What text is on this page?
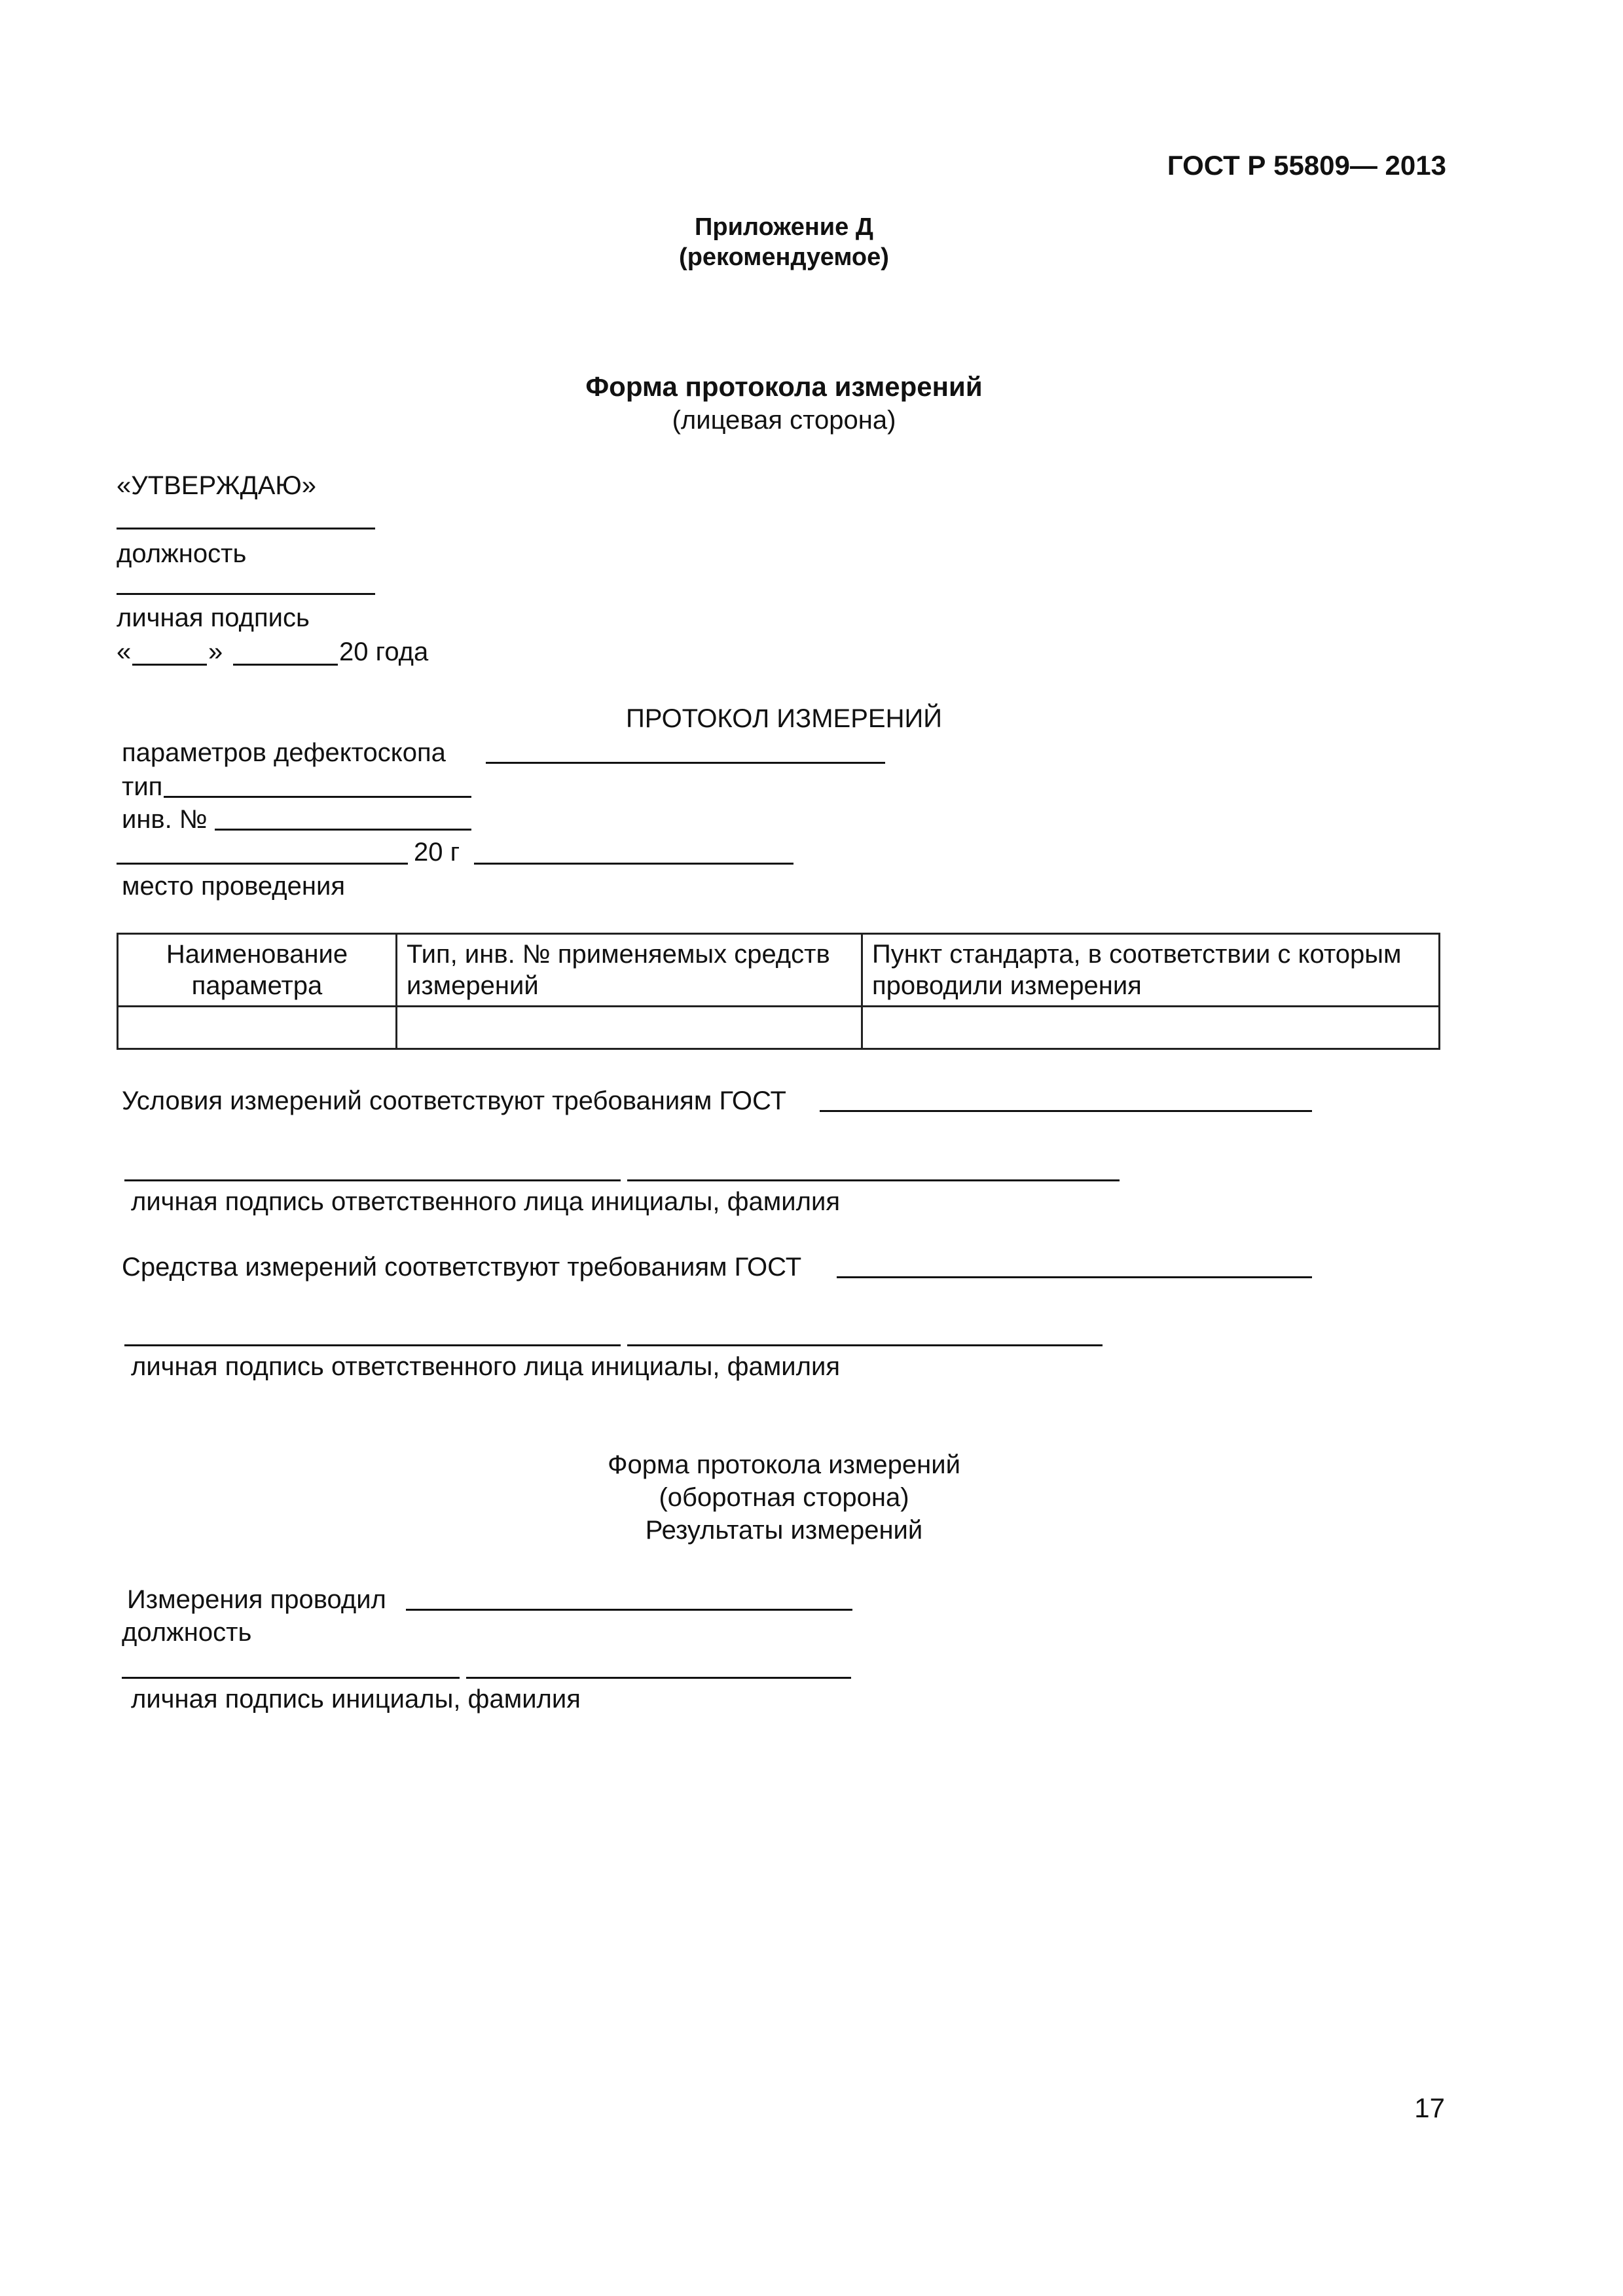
ГОСТ Р 55809— 2013
Приложение Д
(рекомендуемое)
Форма протокола измерений
(лицевая сторона)
«УТВЕРЖДАЮ»
должность
личная подпись
«	»	20 года
ПРОТОКОЛ ИЗМЕРЕНИЙ
параметров дефектоскопа
тип
инв. №
20 г
место проведения
Наименование параметра	Тип, инв. № применяемых средств измерений	Пункт стандарта, в соответствии с которым проводили измерения

Условия измерений соответствуют требованиям ГОСТ
личная подпись ответственного лица инициалы, фамилия
Средства измерений соответствуют требованиям ГОСТ
личная подпись ответственного лица инициалы, фамилия
Форма протокола измерений
(оборотная сторона)
Результаты измерений
Измерения проводил
должность
личная подпись инициалы, фамилия
17
